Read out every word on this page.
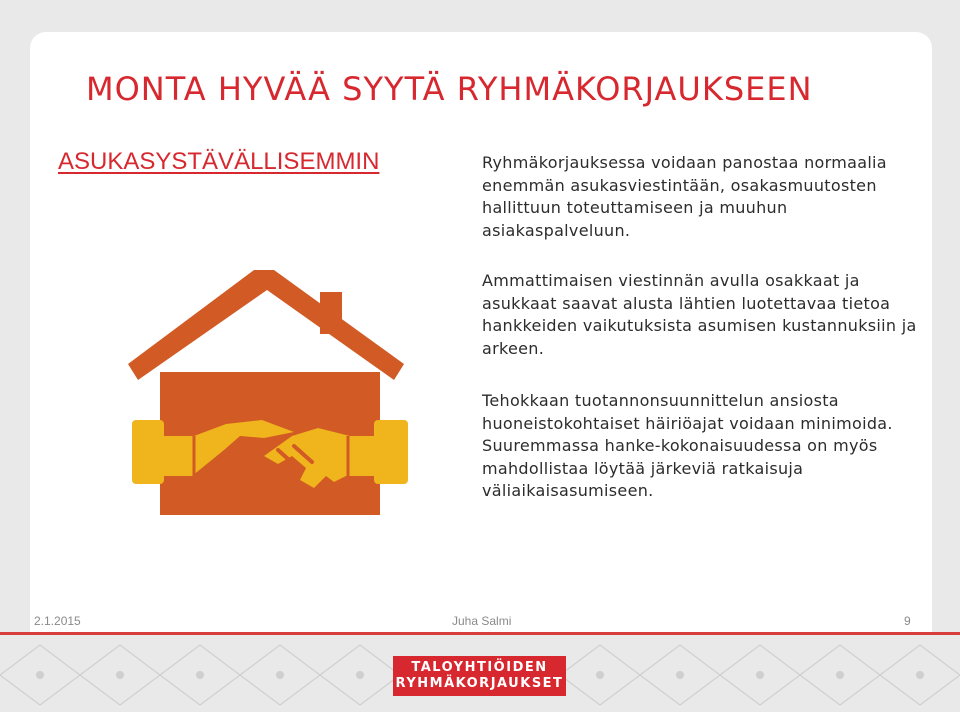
MONTA HYVÄÄ SYYTÄ RYHMÄKORJAUKSEEN
ASUKASYSTÄVÄLLISEMMIN	Ryhmäkorjauksessa voidaan panostaa normaalia enemmän asukasviestintään, osakasmuutosten hallittuun toteuttamiseen ja muuhun asiakaspalveluun.

Ammattimaisen viestinnän avulla osakkaat ja asukkaat saavat alusta lähtien luotettavaa tietoa hankkeiden vaikutuksista asumisen kustannuksiin ja arkeen.

Tehokkaan tuotannonsuunnittelun ansiosta huoneistokohtaiset häiriöajat voidaan minimoida. Suuremmassa hanke-kokonaisuudessa on myös mahdollistaa löytää järkeviä ratkaisuja väliaikaisasumiseen.

2.1.2015	Juha Salmi	9
TALOYHTIÖIDEN
RYHMÄKORJAUKSET
